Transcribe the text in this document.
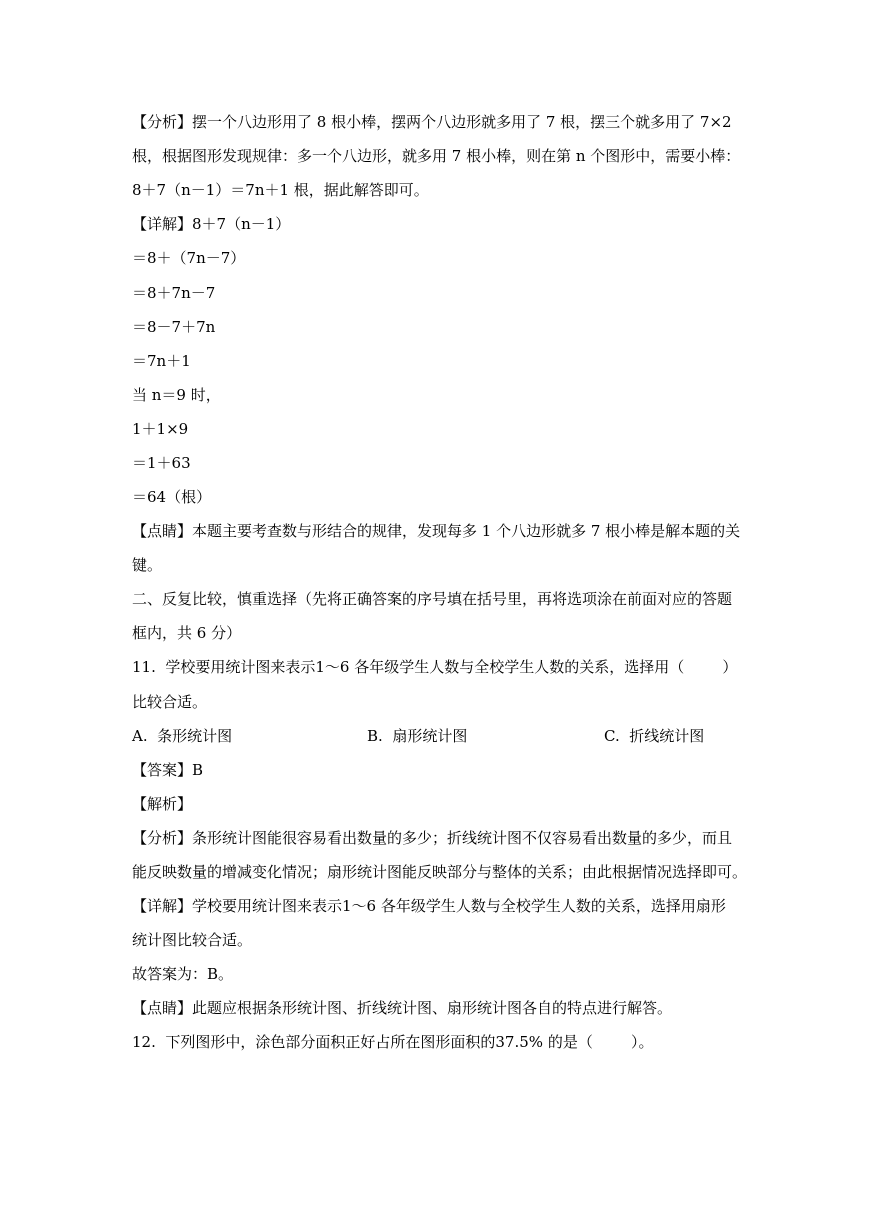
【分析】摆一个八边形用了 8 根小棒，摆两个八边形就多用了 7 根，摆三个就多用了 7×2
根，根据图形发现规律：多一个八边形，就多用 7 根小棒，则在第 n 个图形中，需要小棒：
8＋7（n－1）＝7n＋1 根，据此解答即可。
【详解】8＋7（n－1）
＝8＋（7n－7）
＝8＋7n－7
＝8－7＋7n
＝7n＋1
当 n＝9 时，
1＋1×9
＝1＋63
＝64（根）
【点睛】本题主要考查数与形结合的规律，发现每多 1 个八边形就多 7 根小棒是解本题的关
键。
二、反复比较，慎重选择（先将正确答案的序号填在括号里，再将选项涂在前面对应的答题
框内，共 6 分）
11.  学校要用统计图来表示1～6 各年级学生人数与全校学生人数的关系，选择用（        ）
比较合适。
A.  条形统计图	B.  扇形统计图	C.  折线统计图
【答案】B
【解析】
【分析】条形统计图能很容易看出数量的多少；折线统计图不仅容易看出数量的多少，而且
能反映数量的增减变化情况；扇形统计图能反映部分与整体的关系；由此根据情况选择即可。
【详解】学校要用统计图来表示1～6 各年级学生人数与全校学生人数的关系，选择用扇形
统计图比较合适。
故答案为：B。
【点睛】此题应根据条形统计图、折线统计图、扇形统计图各自的特点进行解答。
12.  下列图形中，涂色部分面积正好占所在图形面积的37.5% 的是（        ）。
